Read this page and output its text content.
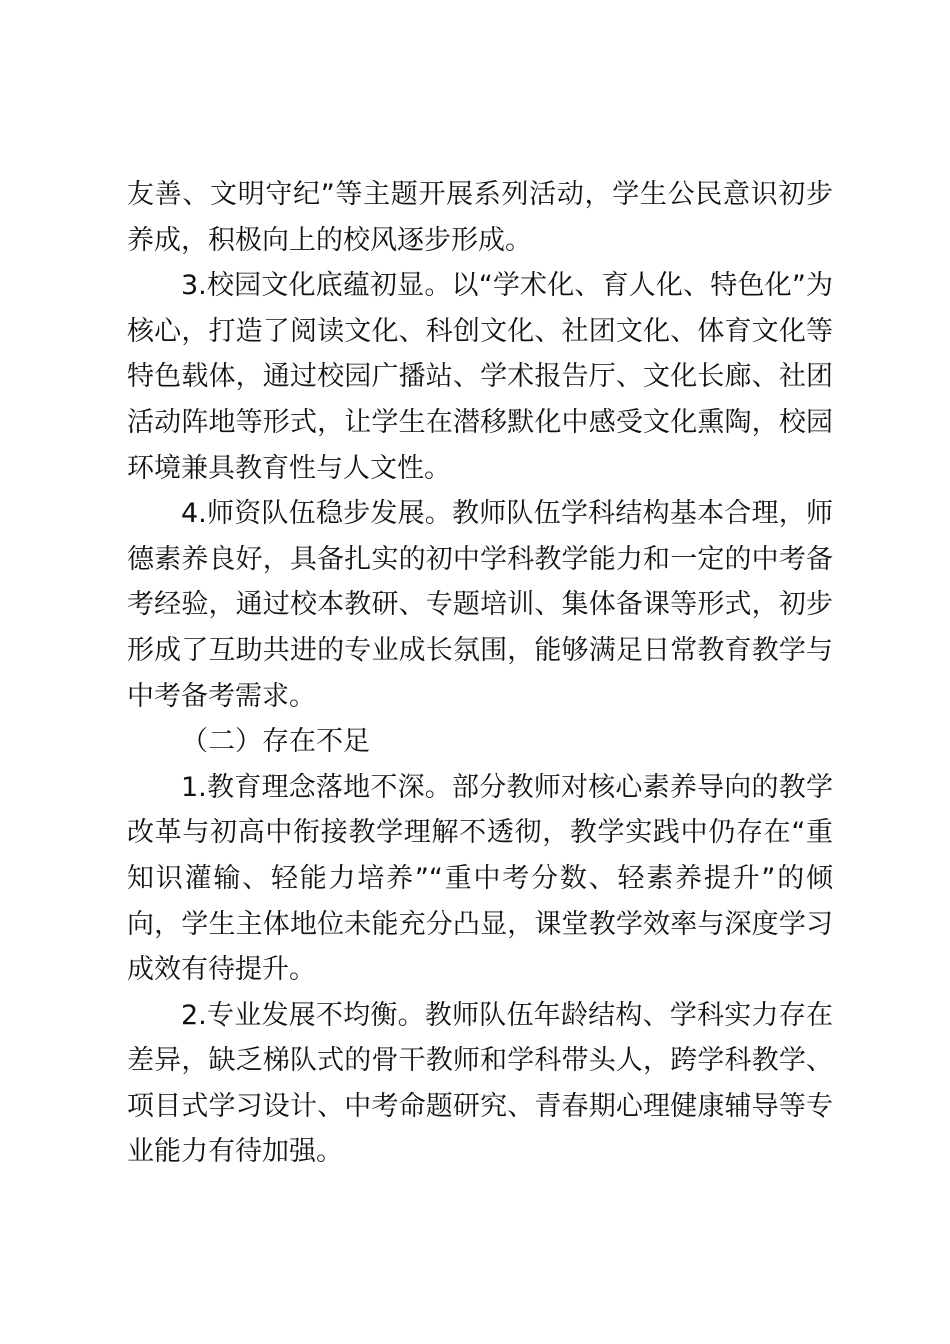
友善、文明守纪”等主题开展系列活动，学生公民意识初步养成，积极向上的校风逐步形成。

3.校园文化底蕴初显。以“学术化、育人化、特色化”为核心，打造了阅读文化、科创文化、社团文化、体育文化等特色载体，通过校园广播站、学术报告厅、文化长廊、社团活动阵地等形式，让学生在潜移默化中感受文化熏陶，校园环境兼具教育性与人文性。

4.师资队伍稳步发展。教师队伍学科结构基本合理，师德素养良好，具备扎实的初中学科教学能力和一定的中考备考经验，通过校本教研、专题培训、集体备课等形式，初步形成了互助共进的专业成长氛围，能够满足日常教育教学与中考备考需求。

（二）存在不足

1.教育理念落地不深。部分教师对核心素养导向的教学改革与初高中衔接教学理解不透彻，教学实践中仍存在“重知识灌输、轻能力培养”“重中考分数、轻素养提升”的倾向，学生主体地位未能充分凸显，课堂教学效率与深度学习成效有待提升。

2.专业发展不均衡。教师队伍年龄结构、学科实力存在差异，缺乏梯队式的骨干教师和学科带头人，跨学科教学、项目式学习设计、中考命题研究、青春期心理健康辅导等专业能力有待加强。
